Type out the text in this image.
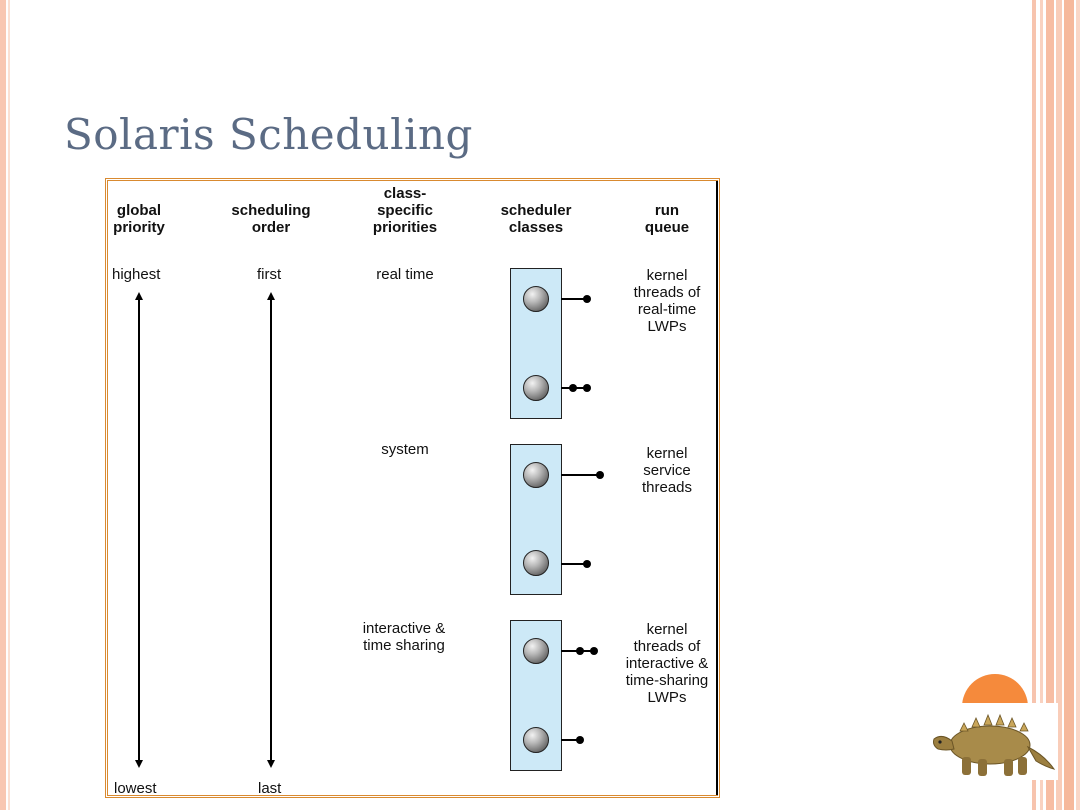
Solaris Scheduling
global
priority
scheduling
order
class-
specific
priorities
scheduler
classes
run
queue
highest
lowest
first
last
real time
system
interactive &
time sharing
kernel
threads of
real-time
LWPs
kernel
service
threads
kernel
threads of
interactive &
time-sharing
LWPs
